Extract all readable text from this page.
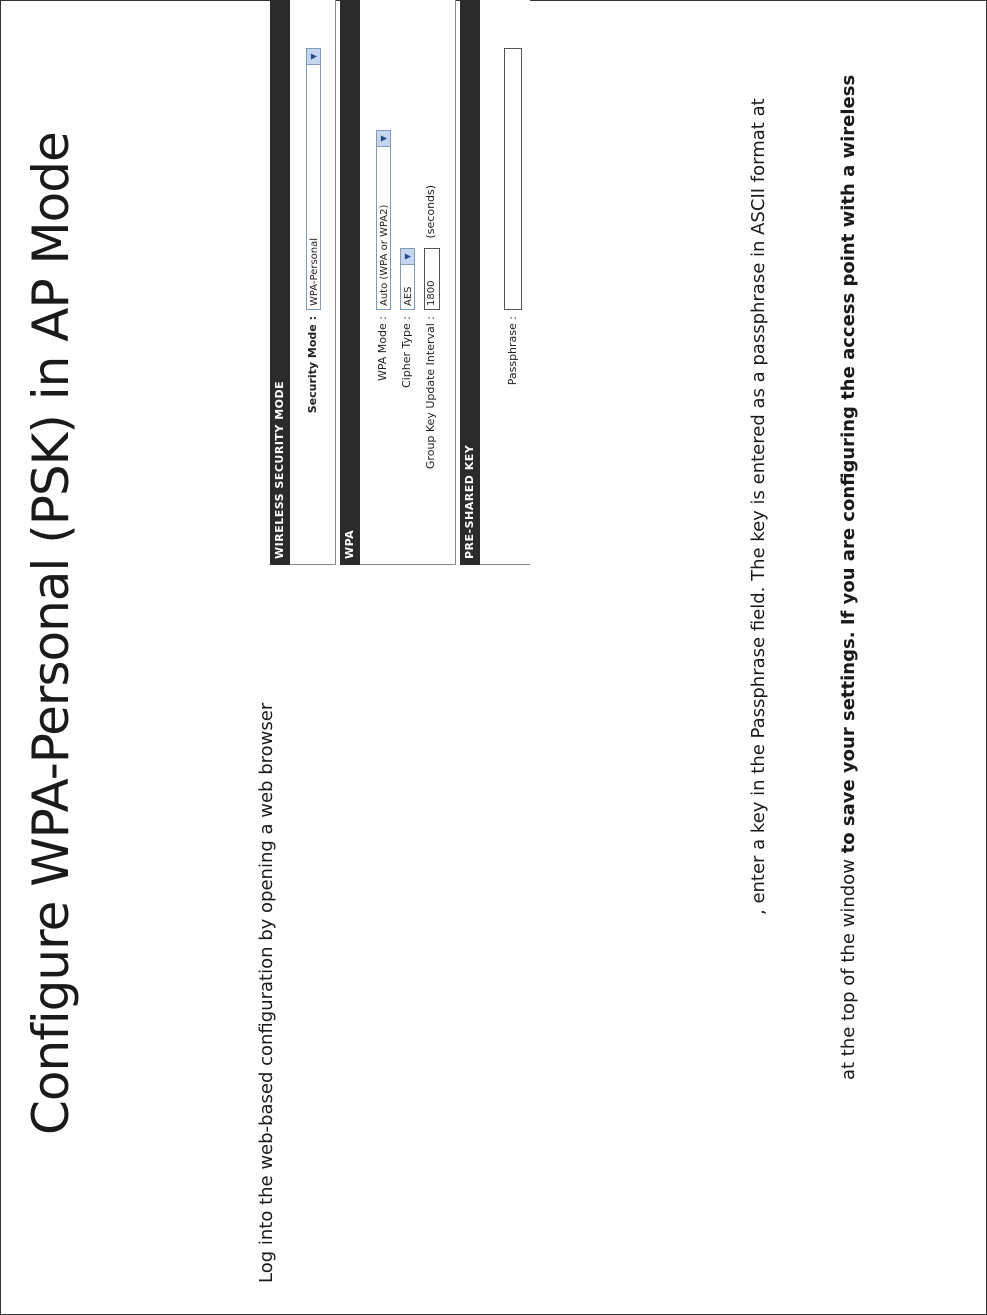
Configure WPA-Personal (PSK) in AP Mode	Log into the web-based configuration by opening a web browser
WIRELESS SECURITY MODE
Security Mode :
WPA-Personal
▼
WPA
WPA Mode :
Auto (WPA or WPA2)
▼
Cipher Type :
AES
▼
Group Key Update Interval :
1800 (seconds)
PRE-SHARED KEY
Passphrase :	, enter a key in the Passphrase field. The key is entered as a passphrase in ASCII format at
at the top of the window to save your settings. If you are configuring the access point with a wireless
